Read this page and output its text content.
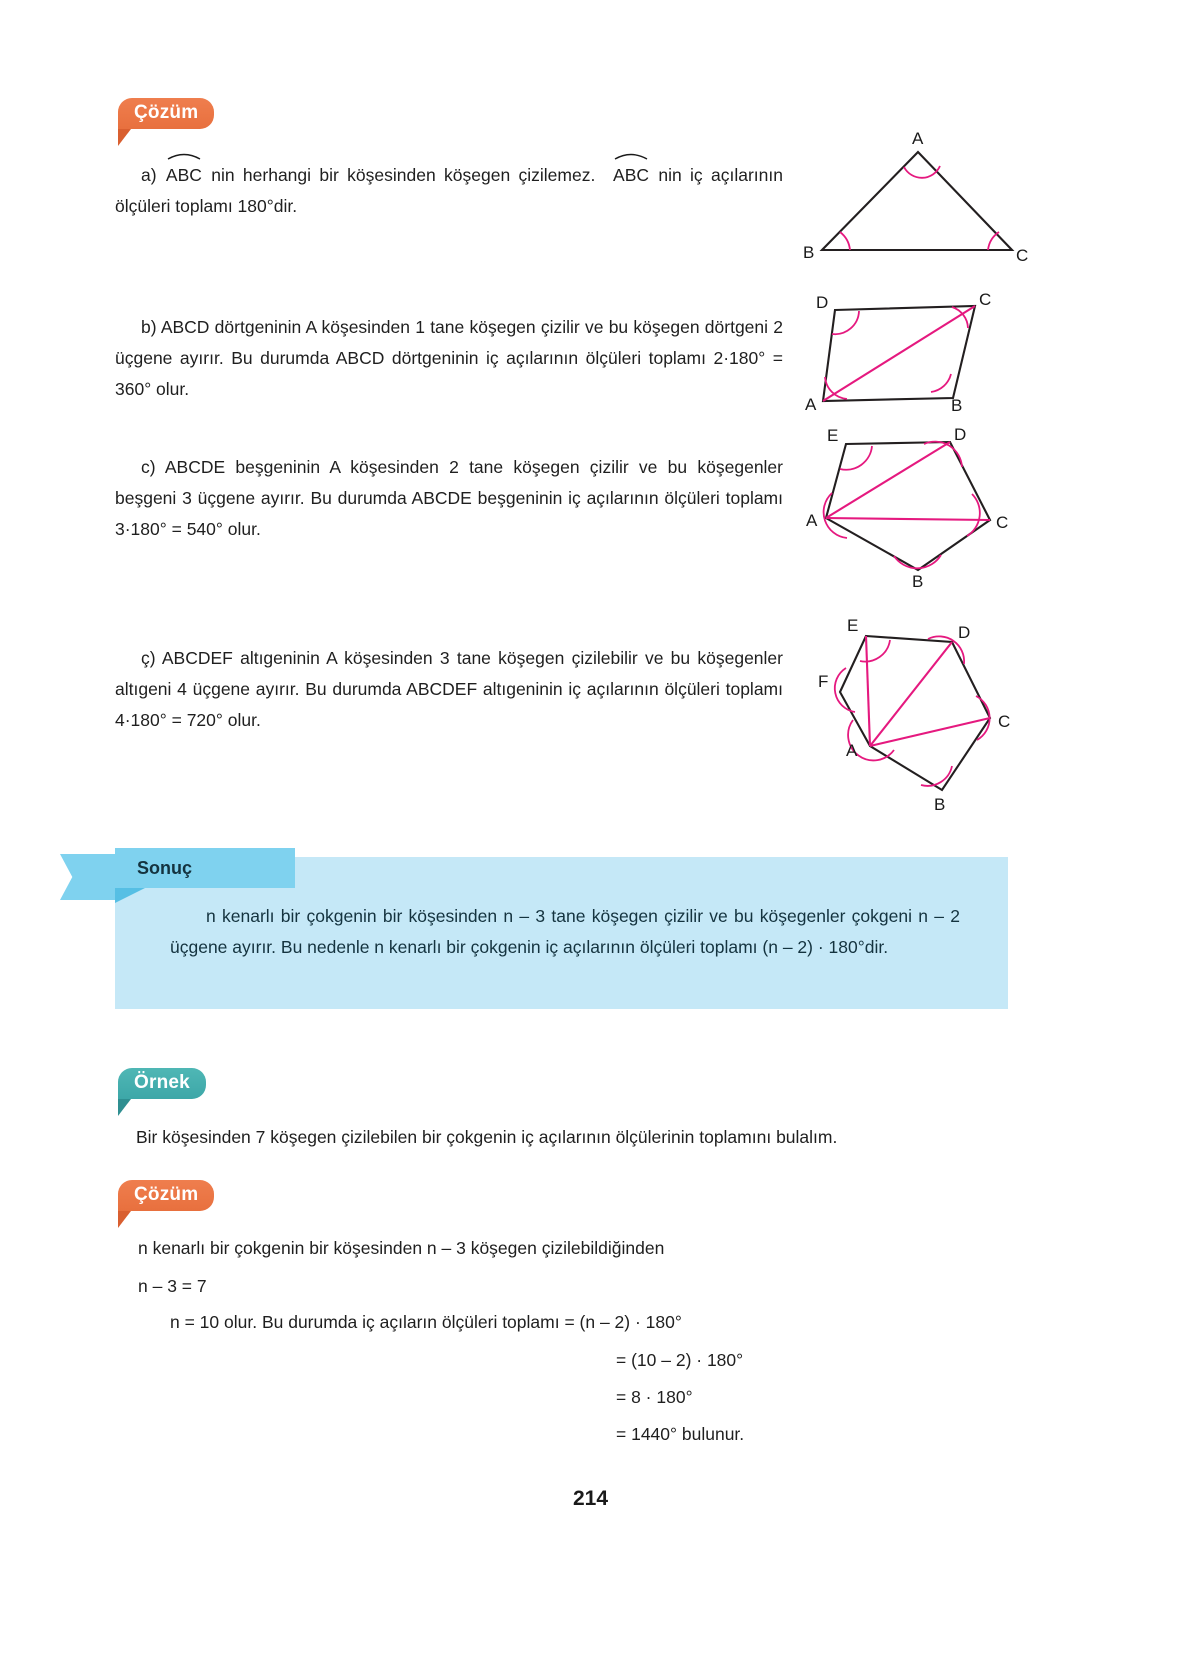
Çözüm
a) ABC nin herhangi bir köşesinden köşegen çizilemez. ABC nin iç açılarının ölçüleri toplamı 180°dir.
A
B	C
b) ABCD dörtgeninin A köşesinden 1 tane köşegen çizilir ve bu köşegen dörtgeni 2 üçgene ayırır. Bu durumda ABCD dörtgeninin iç açılarının ölçüleri toplamı 2·180° = 360° olur.
D	C
A	B
c) ABCDE beşgeninin A köşesinden 2 tane köşegen çizilir ve bu köşegenler beşgeni 3 üçgene ayırır. Bu durumda ABCDE beşgeninin iç açılarının ölçüleri toplamı 3·180° = 540° olur.
E	D
A	C
B
ç) ABCDEF altıgeninin A köşesinden 3 tane köşegen çizilebilir ve bu köşegenler altıgeni 4 üçgene ayırır. Bu durumda ABCDEF altıgeninin iç açılarının ölçüleri toplamı 4·180° = 720° olur.
E	D
F
C
A
B
Sonuç
n kenarlı bir çokgenin bir köşesinden n – 3 tane köşegen çizilir ve bu köşegenler çokgeni n – 2 üçgene ayırır. Bu nedenle n kenarlı bir çokgenin iç açılarının ölçüleri toplamı (n – 2) · 180°dir.
Örnek
Bir köşesinden 7 köşegen çizilebilen bir çokgenin iç açılarının ölçülerinin toplamını bulalım.
Çözüm
n kenarlı bir çokgenin bir köşesinden n – 3 köşegen çizilebildiğinden
n – 3 = 7
n = 10 olur. Bu durumda iç açıların ölçüleri toplamı = (n – 2) · 180°
= (10 – 2) · 180°
= 8 · 180°
= 1440° bulunur.
214
